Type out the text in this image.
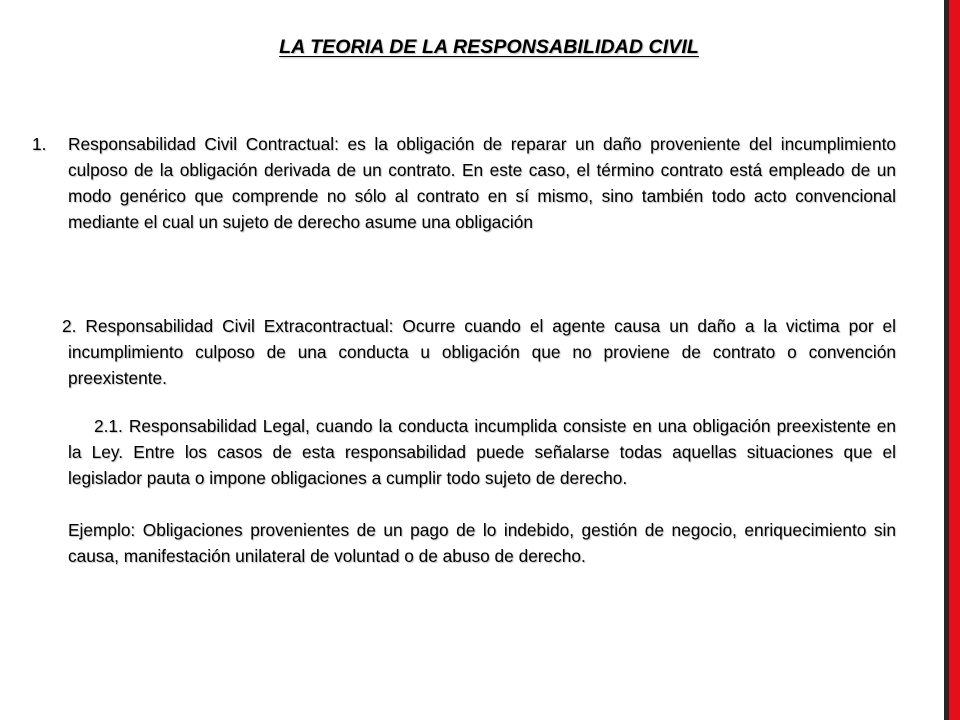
LA TEORIA DE LA RESPONSABILIDAD CIVIL
1. Responsabilidad Civil Contractual: es la obligación de reparar un daño proveniente del incumplimiento culposo de la obligación derivada de un contrato. En este caso, el término contrato está empleado de un modo genérico que comprende no sólo al contrato en sí mismo, sino también todo acto convencional mediante el cual un sujeto de derecho asume una obligación
2. Responsabilidad Civil Extracontractual: Ocurre cuando el agente causa un daño a la victima por el incumplimiento culposo de una conducta u obligación que no proviene de contrato o convención preexistente.
2.1. Responsabilidad Legal, cuando la conducta incumplida consiste en una obligación preexistente en la Ley. Entre los casos de esta responsabilidad puede señalarse todas aquellas situaciones que el legislador pauta o impone obligaciones a cumplir todo sujeto de derecho.
Ejemplo: Obligaciones provenientes de un pago de lo indebido, gestión de negocio, enriquecimiento sin causa, manifestación unilateral de voluntad o de abuso de derecho.
